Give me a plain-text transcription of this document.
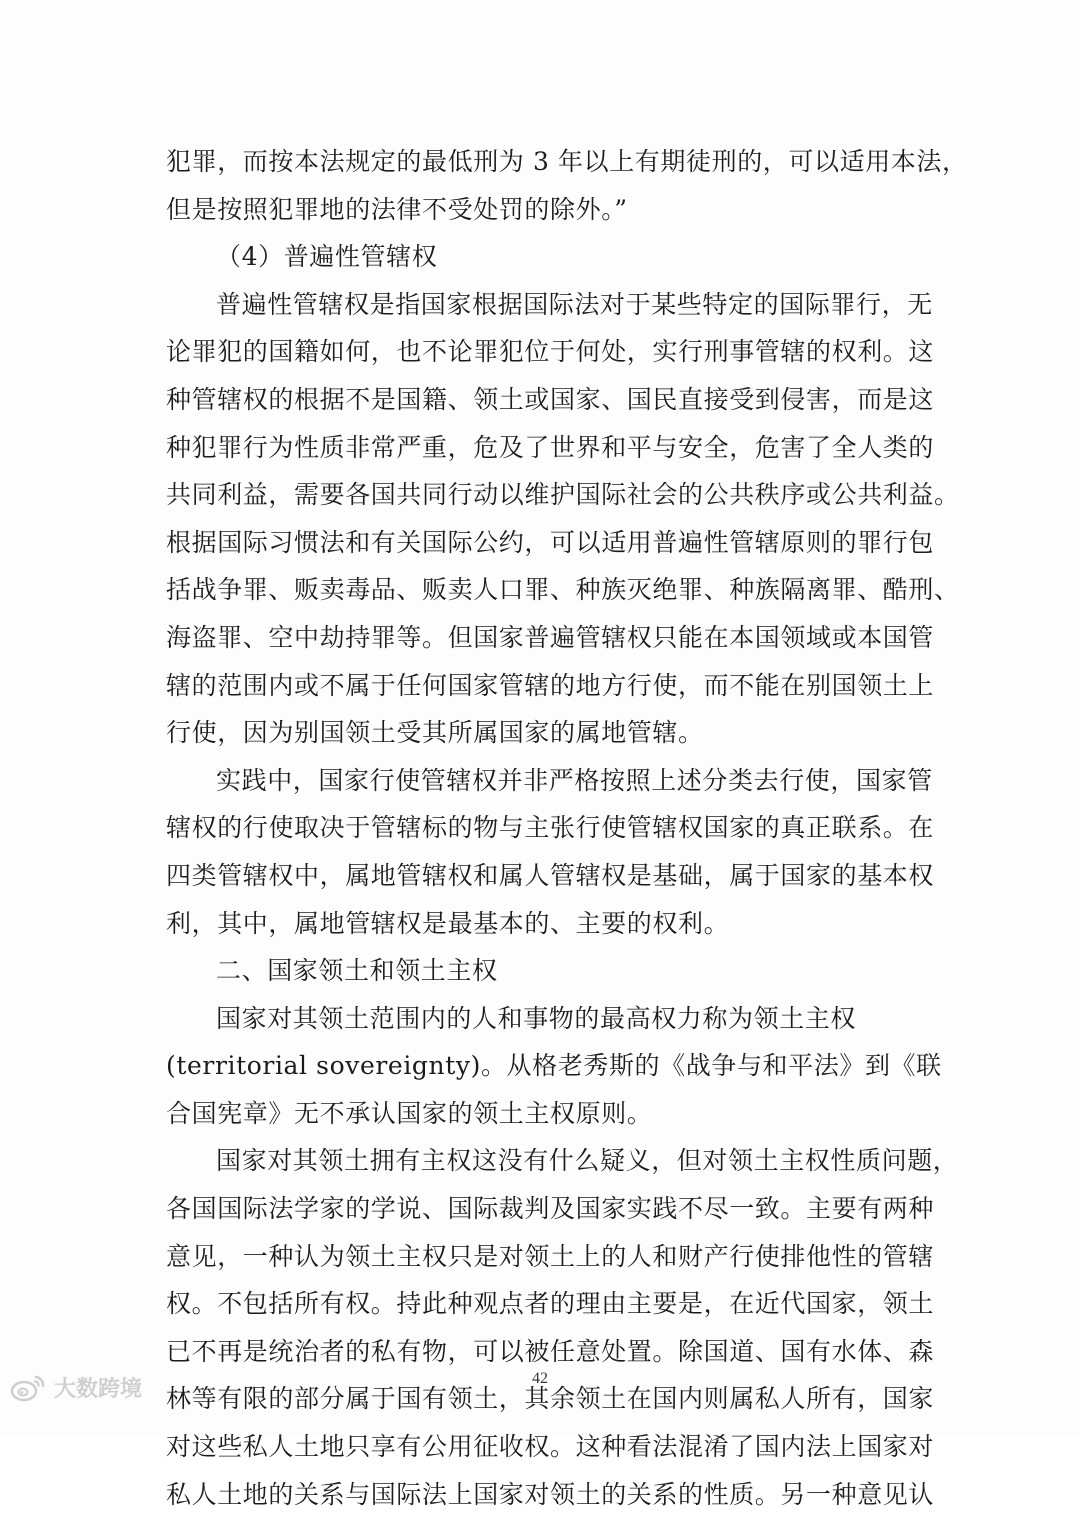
犯罪，而按本法规定的最低刑为 3 年以上有期徒刑的，可以适用本法，
但是按照犯罪地的法律不受处罚的除外。”
（4）普遍性管辖权
普遍性管辖权是指国家根据国际法对于某些特定的国际罪行，无
论罪犯的国籍如何，也不论罪犯位于何处，实行刑事管辖的权利。这
种管辖权的根据不是国籍、领土或国家、国民直接受到侵害，而是这
种犯罪行为性质非常严重，危及了世界和平与安全，危害了全人类的
共同利益，需要各国共同行动以维护国际社会的公共秩序或公共利益。
根据国际习惯法和有关国际公约，可以适用普遍性管辖原则的罪行包
括战争罪、贩卖毒品、贩卖人口罪、种族灭绝罪、种族隔离罪、酷刑、
海盗罪、空中劫持罪等。但国家普遍管辖权只能在本国领域或本国管
辖的范围内或不属于任何国家管辖的地方行使，而不能在别国领土上
行使，因为别国领土受其所属国家的属地管辖。
实践中，国家行使管辖权并非严格按照上述分类去行使，国家管
辖权的行使取决于管辖标的物与主张行使管辖权国家的真正联系。在
四类管辖权中，属地管辖权和属人管辖权是基础，属于国家的基本权
利，其中，属地管辖权是最基本的、主要的权利。
二、国家领土和领土主权
国家对其领土范围内的人和事物的最高权力称为领土主权
(territorial sovereignty)。从格老秀斯的《战争与和平法》到《联
合国宪章》无不承认国家的领土主权原则。
国家对其领土拥有主权这没有什么疑义，但对领土主权性质问题，
各国国际法学家的学说、国际裁判及国家实践不尽一致。主要有两种
意见，一种认为领土主权只是对领土上的人和财产行使排他性的管辖
权。不包括所有权。持此种观点者的理由主要是，在近代国家，领土
已不再是统治者的私有物，可以被任意处置。除国道、国有水体、森
林等有限的部分属于国有领土，其余领土在国内则属私人所有，国家
对这些私人土地只享有公用征收权。这种看法混淆了国内法上国家对
私人土地的关系与国际法上国家对领土的关系的性质。另一种意见认
42
大数跨境
